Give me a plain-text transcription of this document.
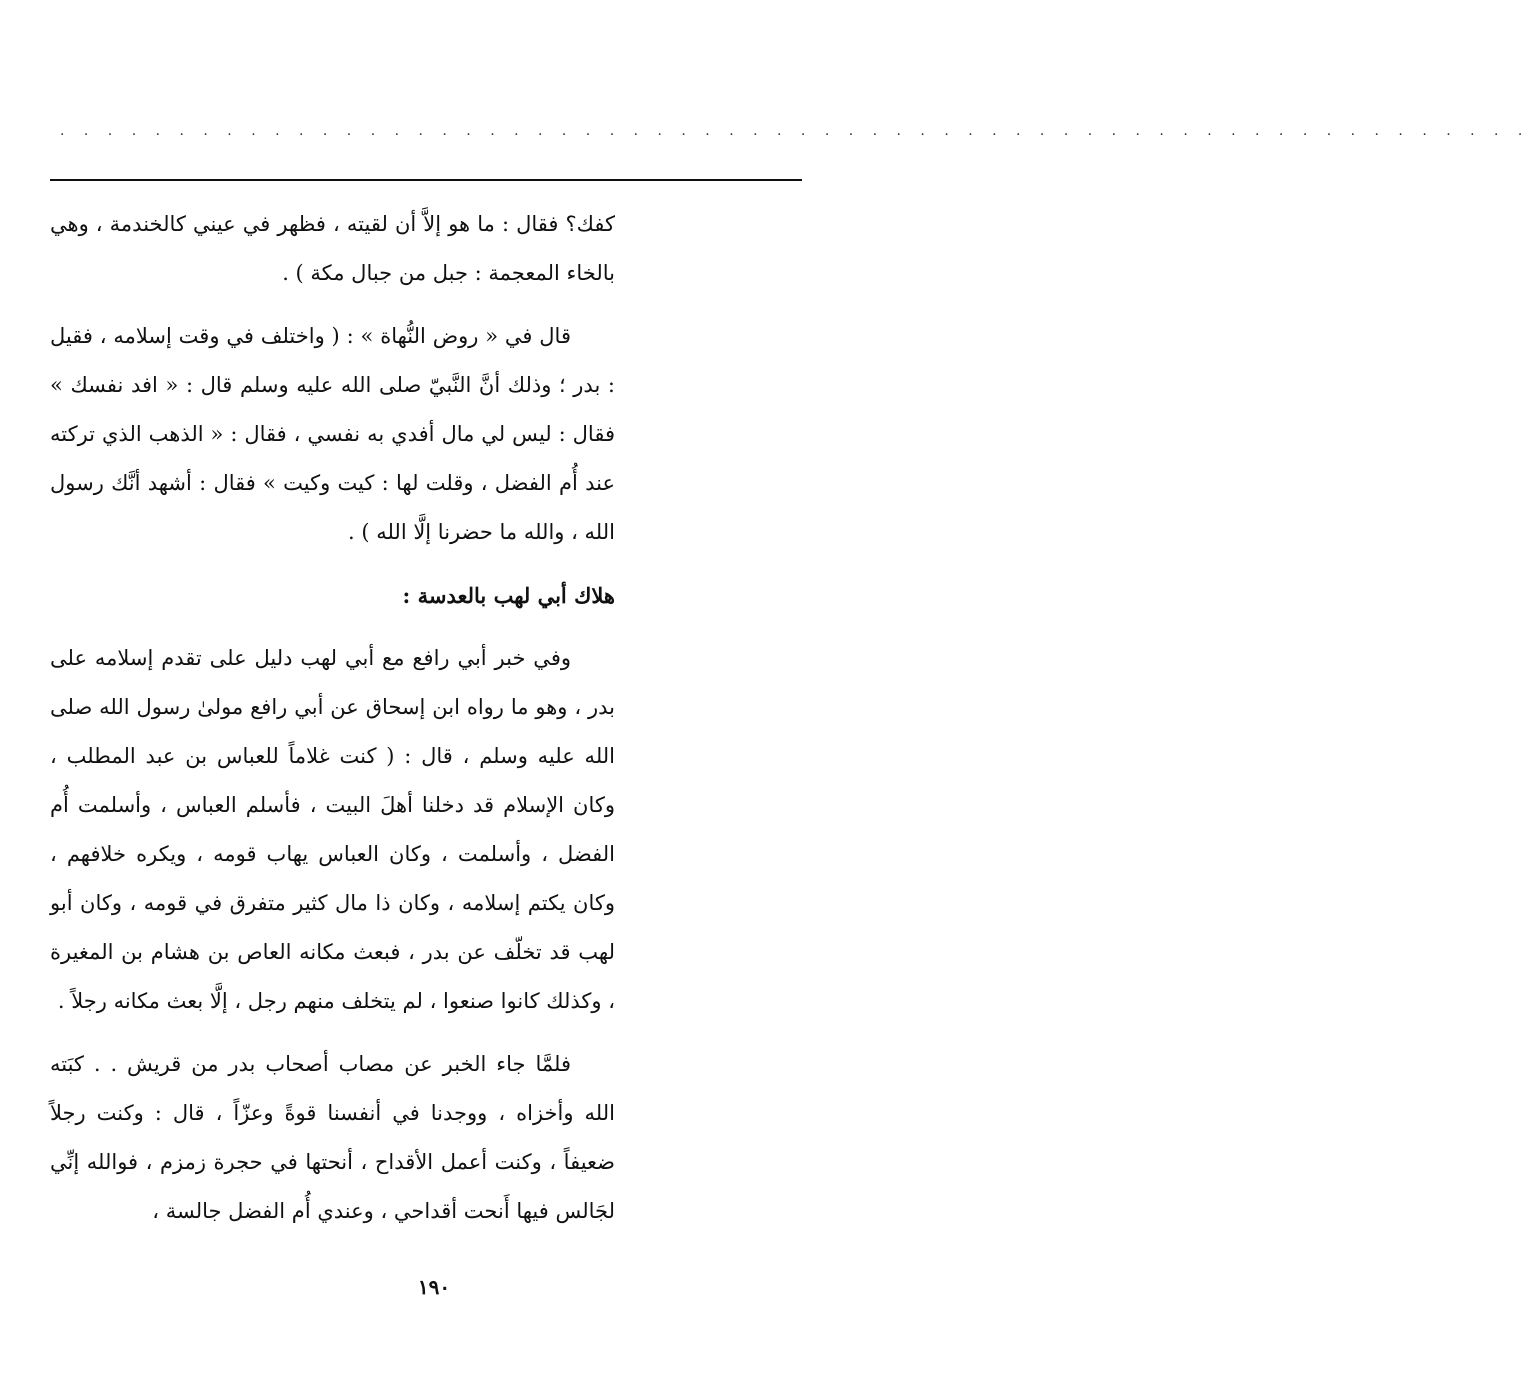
· · · · · · · · · · · · · · · · · · · · · · · · · · · · · · · · · · · · · · · · · · · · · · · · · · · · · · · · · · · · · ·

كفك؟ فقال : ما هو إلاَّ أن لقيته ، فظهر في عيني كالخندمة ، وهي بالخاء المعجمة : جبل من جبال مكة ) .

قال في « روض النُّهاة » : ( واختلف في وقت إسلامه ، فقيل : بدر ؛ وذلك أنَّ النَّبيّ صلى الله عليه وسلم قال : « افد نفسك » فقال : ليس لي مال أفدي به نفسي ، فقال : « الذهب الذي تركته عند أُم الفضل ، وقلت لها : كيت وكيت » فقال : أشهد أنَّك رسول الله ، والله ما حضرنا إلَّا الله ) .

هلاك أبي لهب بالعدسة :

وفي خبر أبي رافع مع أبي لهب دليل على تقدم إسلامه على بدر ، وهو ما رواه ابن إسحاق عن أبي رافع مولىٰ رسول الله صلى الله عليه وسلم ، قال : ( كنت غلاماً للعباس بن عبد المطلب ، وكان الإسلام قد دخلنا أهلَ البيت ، فأسلم العباس ، وأسلمت أُم الفضل ، وأسلمت ، وكان العباس يهاب قومه ، ويكره خلافهم ، وكان يكتم إسلامه ، وكان ذا مال كثير متفرق في قومه ، وكان أبو لهب قد تخلّف عن بدر ، فبعث مكانه العاص بن هشام بن المغيرة ، وكذلك كانوا صنعوا ، لم يتخلف منهم رجل ، إلَّا بعث مكانه رجلاً .

فلمَّا جاء الخبر عن مصاب أصحاب بدر من قريش . . كبَته الله وأخزاه ، ووجدنا في أنفسنا قوةً وعزّاً ، قال : وكنت رجلاً ضعيفاً ، وكنت أعمل الأقداح ، أنحتها في حجرة زمزم ، فوالله إنِّي لجَالس فيها أَنحت أقداحي ، وعندي أُم الفضل جالسة ،

١٩٠
